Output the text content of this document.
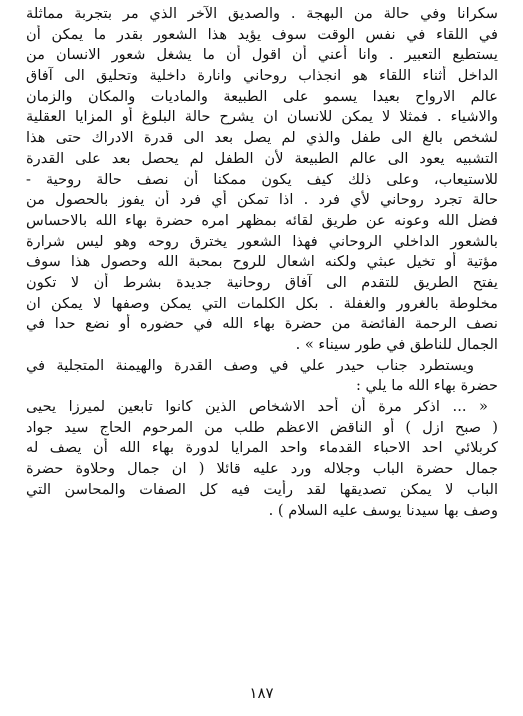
سكرانا وفي حالة من البهجة . والصديق الآخر الذي مر بتجربة مماثلة
في اللقاء في نفس الوقت سوف يؤيد هذا الشعور بقدر ما يمكن أن
يستطيع التعبير . وانا أعني أن اقول أن ما يشغل شعور الانسان من
الداخل أثناء اللقاء هو انجذاب روحاني وانارة داخلية وتحليق الى آفاق
عالم الارواح بعيدا يسمو على الطبيعة والماديات والمكان والزمان
والاشياء . فمثلا لا يمكن للانسان ان يشرح حالة البلوغ أو المزايا العقلية
لشخص بالغ الى طفل والذي لم يصل بعد الى قدرة الادراك حتى هذا
التشبيه يعود الى عالم الطبيعة لأن الطفل لم يحصل بعد على القدرة
للاستيعاب، وعلى ذلك كيف يكون ممكنا أن نصف حالة روحية -
حالة تجرد روحاني لأي فرد . اذا تمكن أي فرد أن يفوز بالحصول من
فضل الله وعونه عن طريق لقائه بمظهر امره حضرة بهاء الله بالاحساس
بالشعور الداخلي الروحاني فهذا الشعور يخترق روحه وهو ليس شرارة
مؤتية أو تخيل عبثي ولكنه اشعال للروح بمحبة الله وحصول هذا سوف
يفتح الطريق للتقدم الى آفاق روحانية جديدة بشرط أن لا تكون
مخلوطة بالغرور والغفلة . بكل الكلمات التي يمكن وصفها لا يمكن ان
نصف الرحمة الفائضة من حضرة بهاء الله في حضوره أو نضع حدا في
الجمال للناطق في طور سيناء » .
ويستطرد جناب حيدر علي في وصف القدرة والهيمنة المتجلية في
حضرة بهاء الله ما يلي :
« ... اذكر مرة أن أحد الاشخاص الذين كانوا تابعين لميرزا يحيى
( صبح ازل ) أو الناقض الاعظم طلب من المرحوم الحاج سيد جواد
كربلائي احد الاحباء القدماء واحد المرايا لدورة بهاء الله أن يصف له
جمال حضرة الباب وجلاله ورد عليه قائلا ( ان جمال وحلاوة حضرة
الباب لا يمكن تصديقها لقد رأيت فيه كل الصفات والمحاسن التي
وصف بها سيدنا يوسف عليه السلام ) .
١٨٧
